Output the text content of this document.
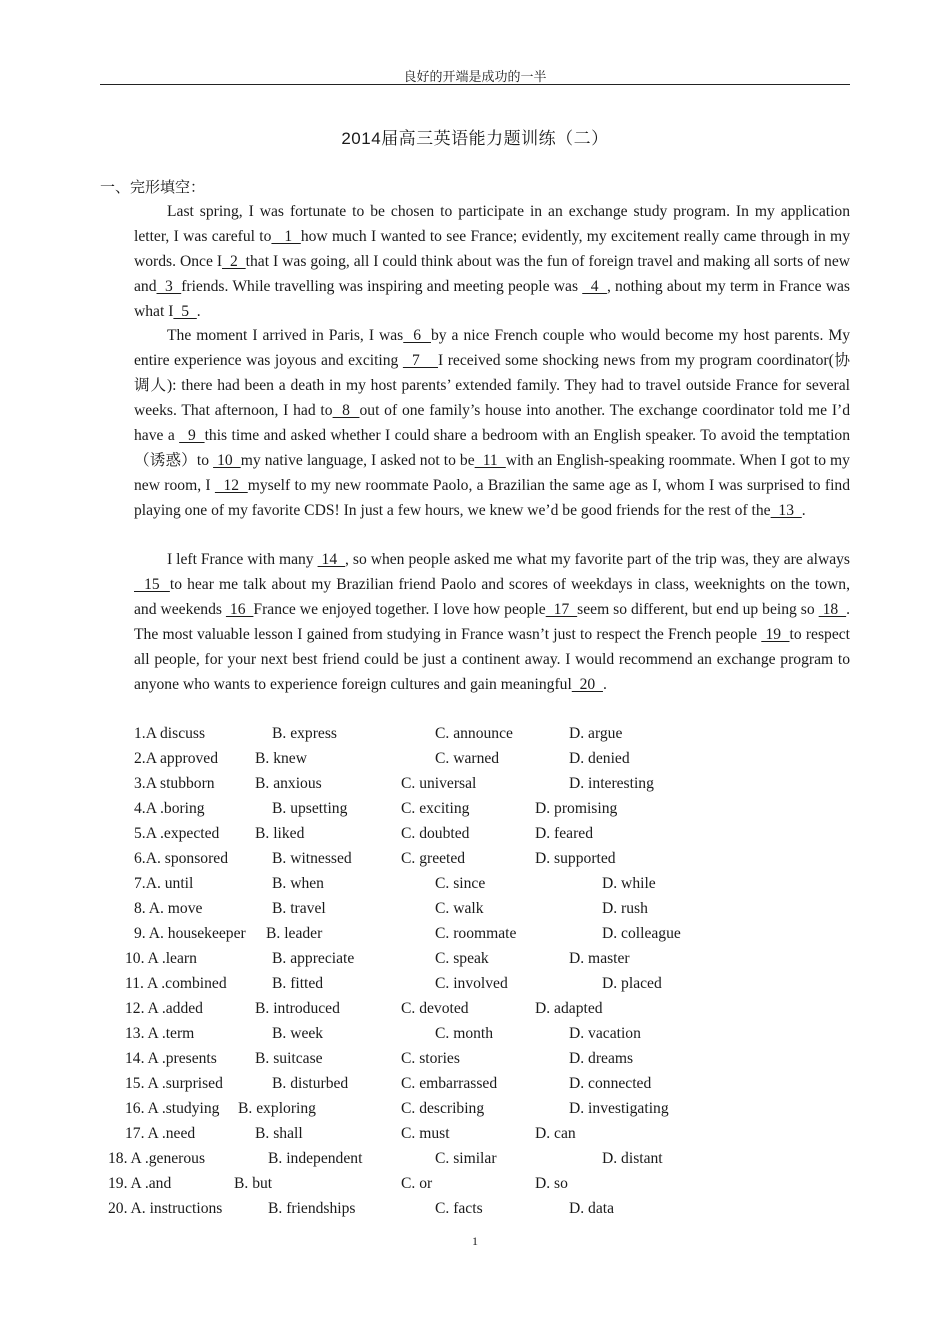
良好的开端是成功的一半
2014届高三英语能力题训练（二）
一、完形填空：

Last spring, I was fortunate to be chosen to participate in an exchange study program. In my application letter, I was careful to   1  how much I wanted to see France; evidently, my excitement really came through in my words. Once I  2  that I was going, all I could think about was the fun of foreign travel and making all sorts of new and  3  friends. While travelling was inspiring and meeting people was   4  , nothing about my term in France was what I  5  .

The moment I arrived in Paris, I was  6  by a nice French couple who would become my host parents. My entire experience was joyous and exciting   7    I received some shocking news from my program coordinator(协调人): there had been a death in my host parents’ extended family. They had to travel outside France for several weeks. That afternoon, I had to  8  out of one family’s house into another. The exchange coordinator told me I’d have a   9  this time and asked whether I could share a bedroom with an English speaker. To avoid the temptation（诱惑）to  10  my native language, I asked not to be  11  with an English-speaking roommate. When I got to my new room, I   12  myself to my new roommate Paolo, a Brazilian the same age as I, whom I was surprised to find playing one of my favorite CDS! In just a few hours, we knew we’d be good friends for the rest of the  13  .

I left France with many  14  , so when people asked me what my favorite part of the trip was, they are always  15  to hear me talk about my Brazilian friend Paolo and scores of weekdays in class, weeknights on the town, and weekends  16  France we enjoyed together. I love how people  17  seem so different, but end up being so  18  . The most valuable lesson I gained from studying in France wasn’t just to respect the French people  19  to respect all people, for your next best friend could be just a continent away. I would recommend an exchange program to anyone who wants to experience foreign cultures and gain meaningful  20  .

1.A discuss	B. express	C. announce	D. argue
2.A approved B. knew	C. warned	D. denied
3.A stubborn	B. anxious	C. universal	D. interesting
4.A .boring	B. upsetting	C. exciting	D. promising
5.A .expected B. liked	C. doubted	D. feared
6.A. sponsored	B. witnessed	C. greeted	D. supported
7.A. until	B. when	C. since	D. while
8. A. move	B. travel	C. walk	D. rush
9. A. housekeeper B. leader	C. roommate	D. colleague
10. A .learn	B. appreciate	C. speak	D. master
11. A .combined	B. fitted	C. involved	D. placed
12. A .added	B. introduced	C. devoted	D. adapted
13. A .term	B. week	C. month	D. vacation
14. A .presents B. suitcase	C. stories	D. dreams
15. A .surprised	B. disturbed	C. embarrassed	D. connected
16. A .studying B. exploring	C. describing	D. investigating
17. A .need	B. shall	C. must	D. can
18. A .generous	B. independent	C. similar	D. distant
19. A .and	B. but	C. or	D. so
20. A. instructions	B. friendships	C. facts	D. data
1
